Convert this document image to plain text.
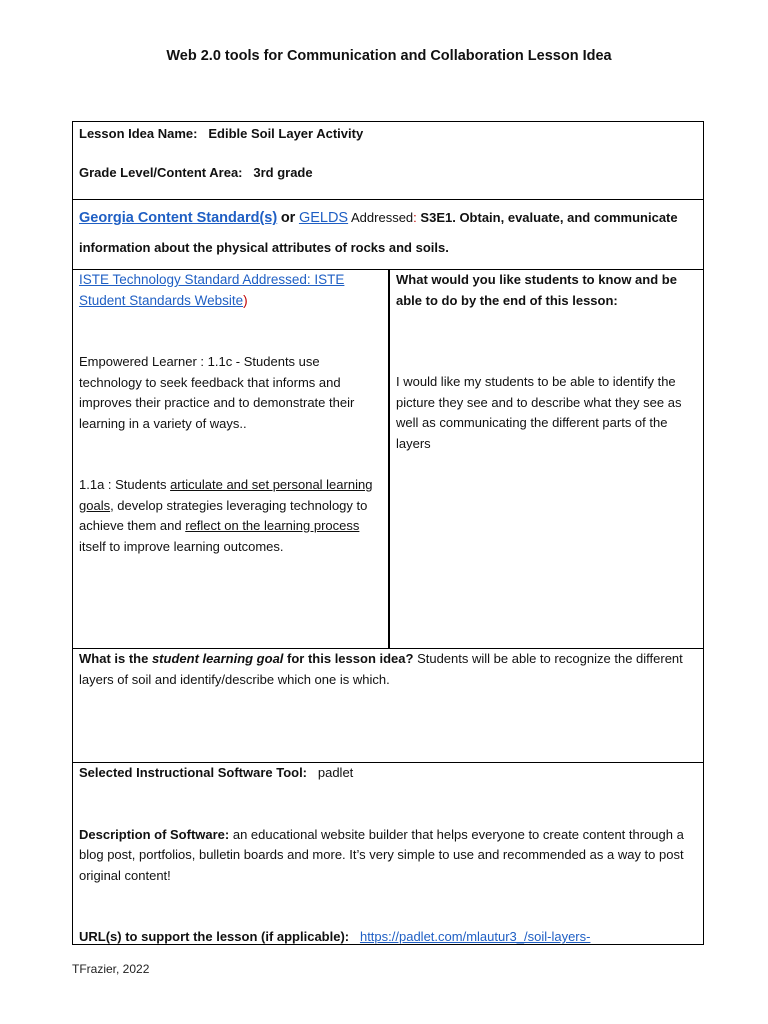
Web 2.0 tools for Communication and Collaboration Lesson Idea

Lesson Idea Name: Edible Soil Layer Activity

Grade Level/Content Area: 3rd grade

Georgia Content Standard(s) or GELDS Addressed: S3E1. Obtain, evaluate, and communicate information about the physical attributes of rocks and soils.

ISTE Technology Standard Addressed: ISTE
Student Standards Website)

Empowered Learner : 1.1c - Students use technology to seek feedback that informs and improves their practice and to demonstrate their learning in a variety of ways..

1.1a : Students articulate and set personal learning goals, develop strategies leveraging technology to achieve them and reflect on the learning process itself to improve learning outcomes.

What would you like students to know and be able to do by the end of this lesson:

I would like my students to be able to identify the picture they see and to describe what they see as well as communicating the different parts of the layers

What is the student learning goal for this lesson idea? Students will be able to recognize the different layers of soil and identify/describe which one is which.

Selected Instructional Software Tool: padlet

Description of Software: an educational website builder that helps everyone to create content through a blog post, portfolios, bulletin boards and more. It’s very simple to use and recommended as a way to post original content!

URL(s) to support the lesson (if applicable): https://padlet.com/mlautur3_/soil-layers-

TFrazier, 2022
